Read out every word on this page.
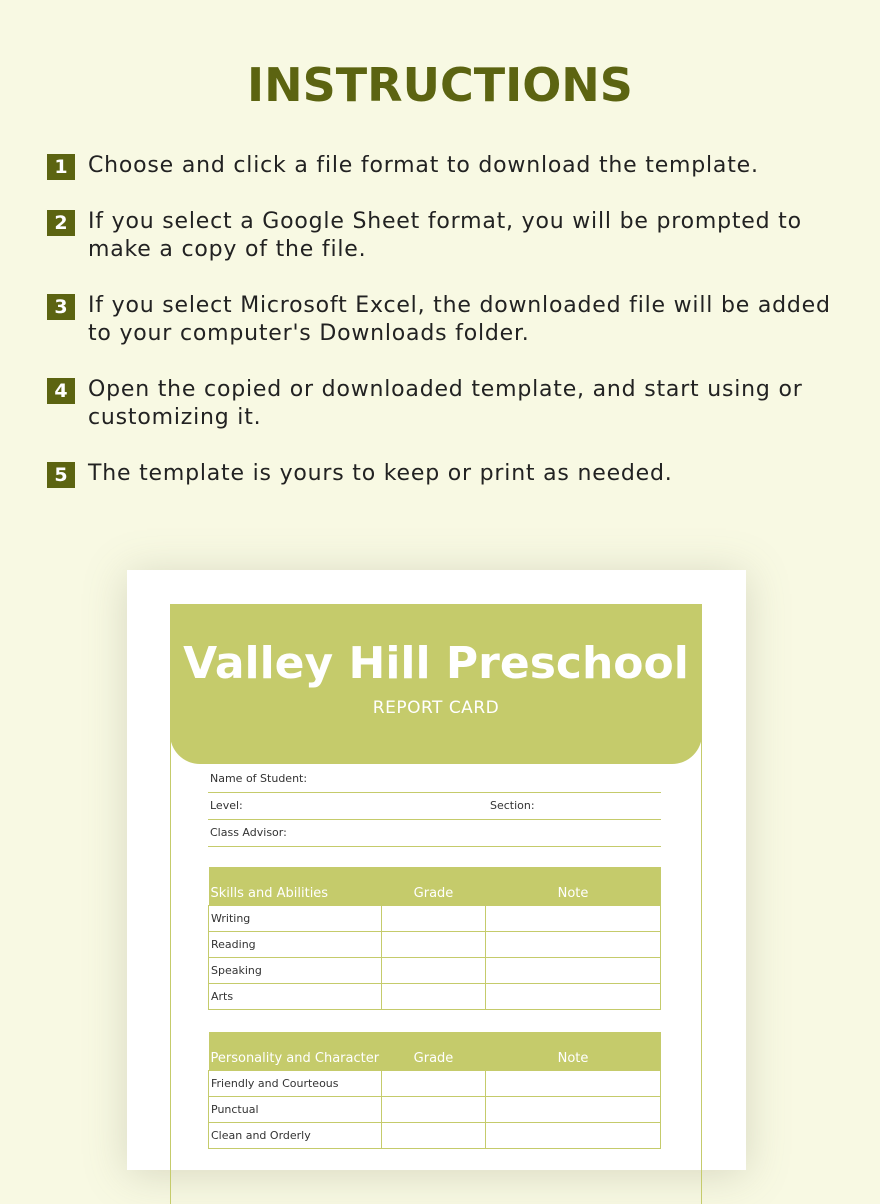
INSTRUCTIONS
1 Choose and click a file format to download the template.
2 If you select a Google Sheet format, you will be prompted to make a copy of the file.
3 If you select Microsoft Excel, the downloaded file will be added to your computer's Downloads folder.
4 Open the copied or downloaded template, and start using or customizing it.
5 The template is yours to keep or print as needed.
Valley Hill Preschool
REPORT CARD
Name of Student:
Level:	Section:
Class Advisor:
Skills and Abilities	Grade	Note
Writing		
Reading		
Speaking		
Arts		
Personality and Character	Grade	Note
Friendly and Courteous		
Punctual		
Clean and Orderly		
